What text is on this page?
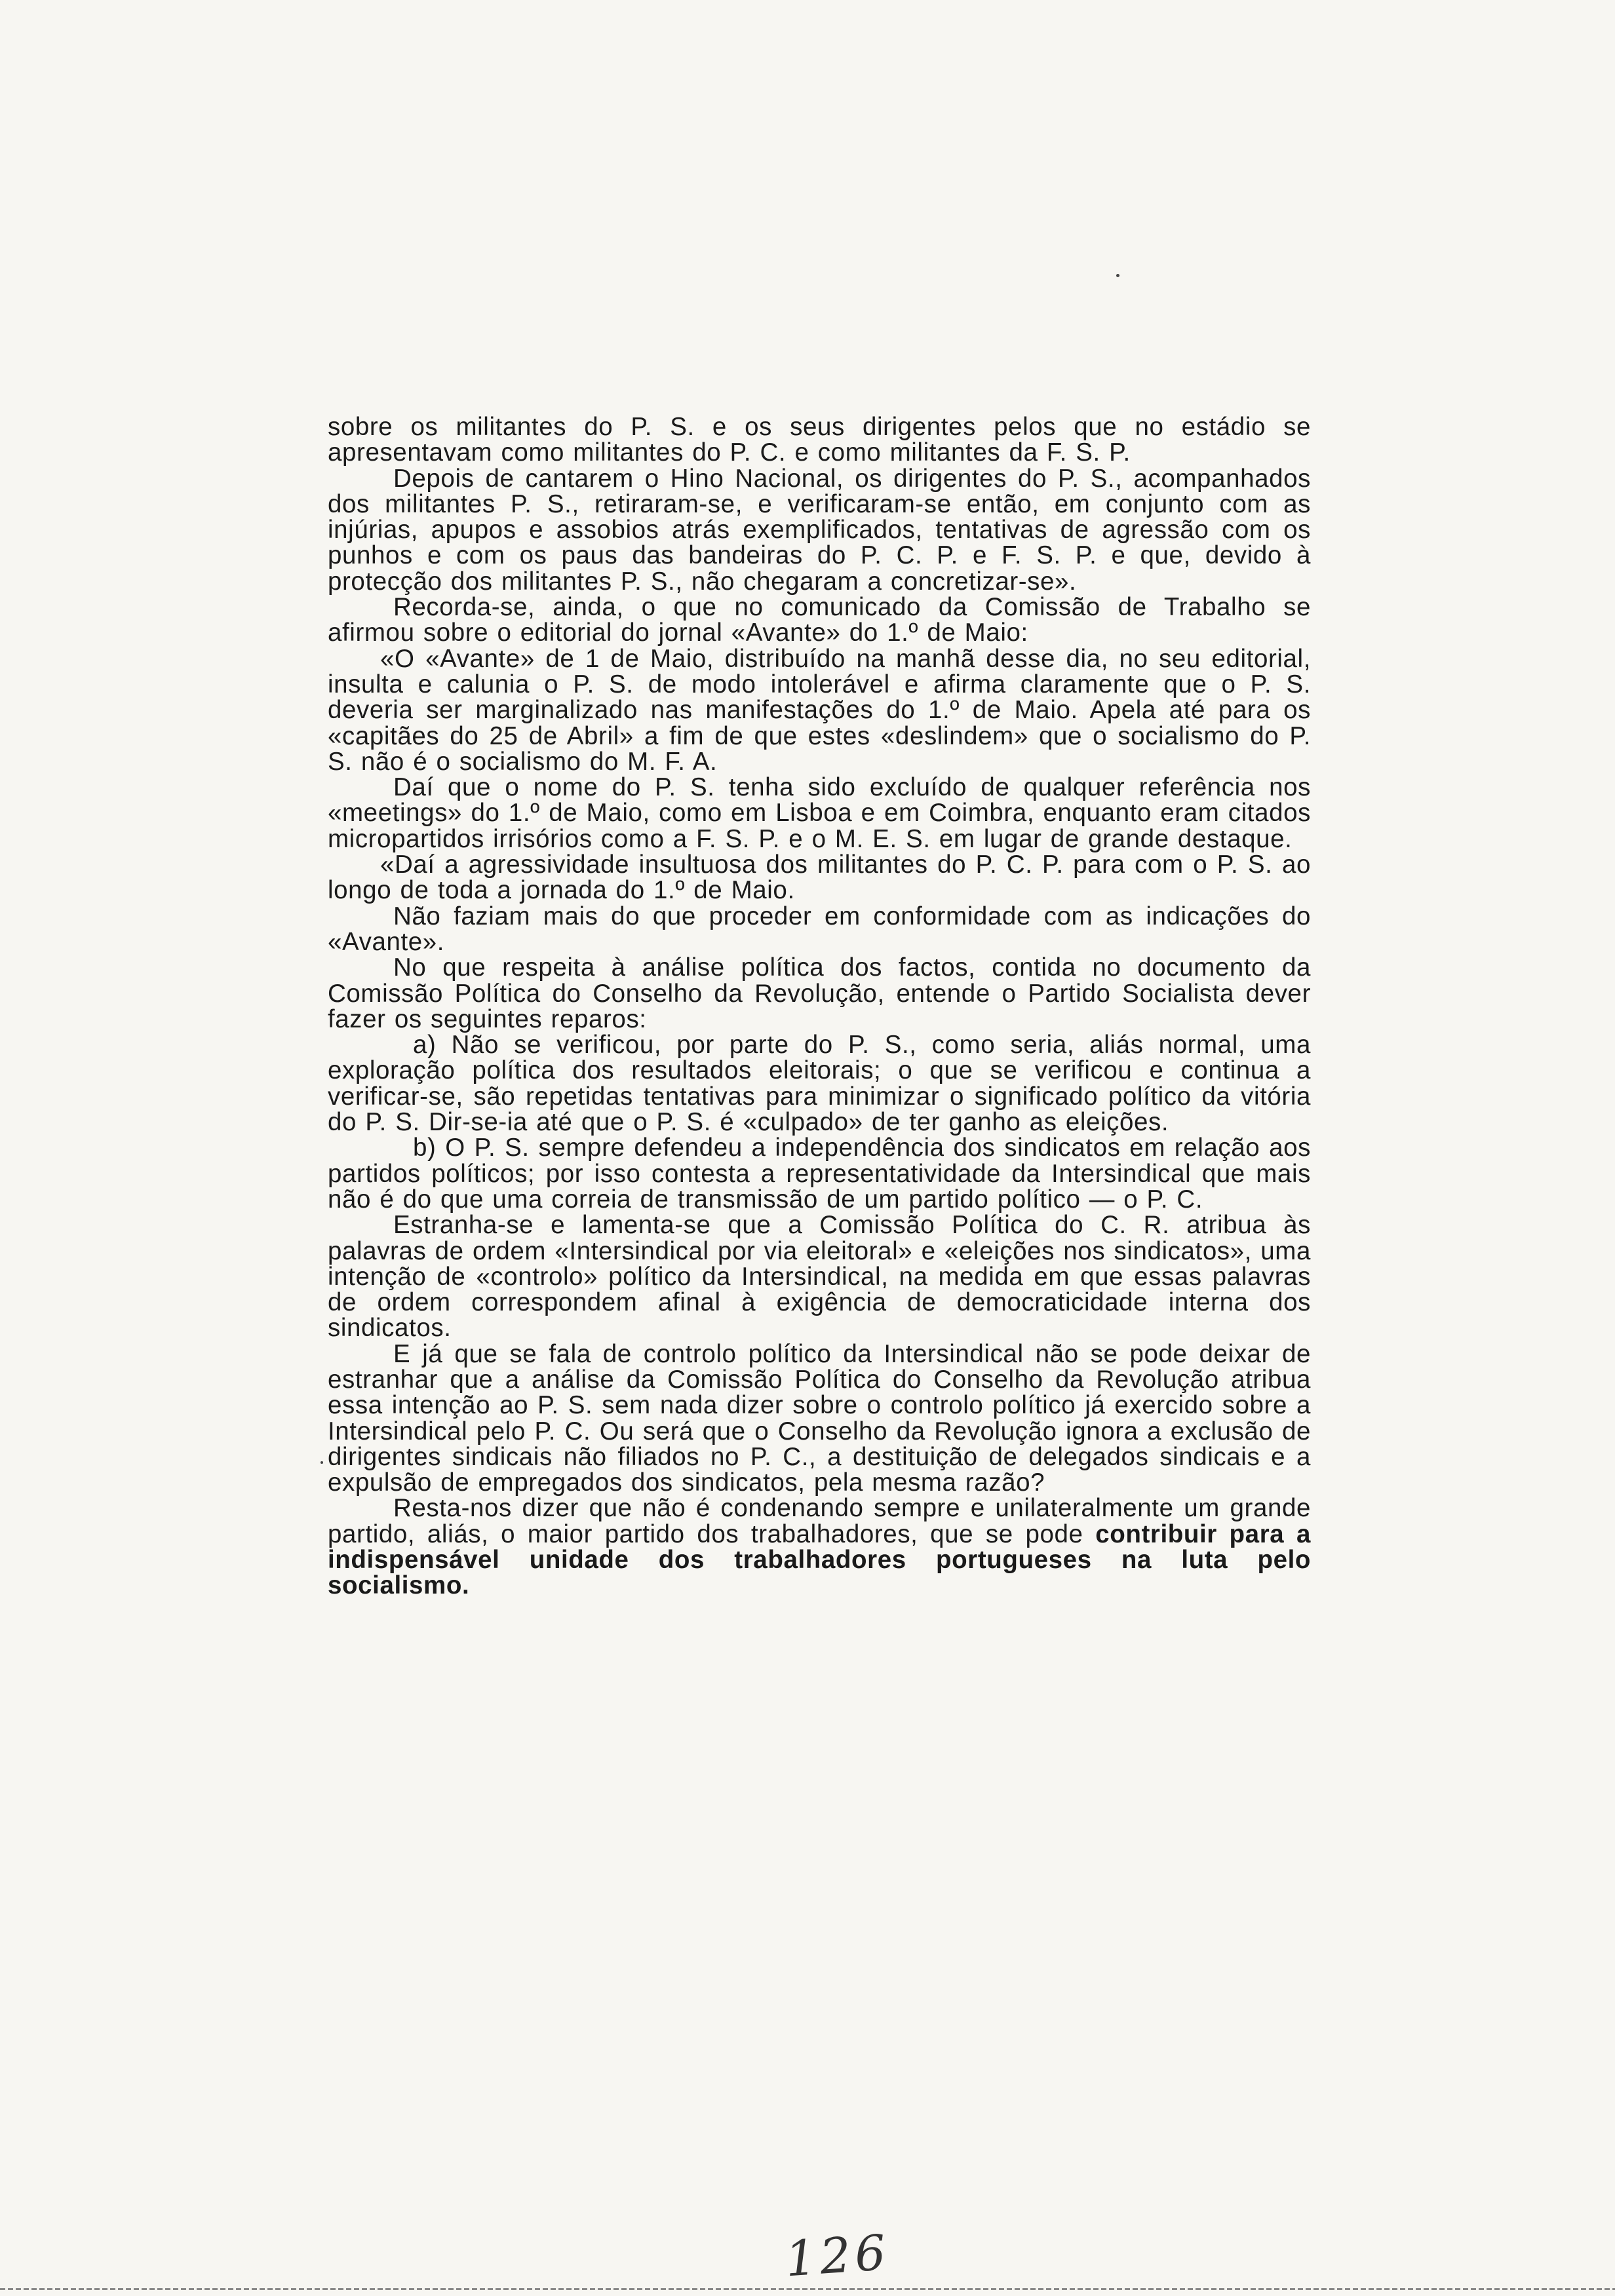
sobre os militantes do P. S. e os seus dirigentes pelos que no estádio se apresentavam como militantes do P. C. e como militantes da F. S. P.

Depois de cantarem o Hino Nacional, os dirigentes do P. S., acompanhados dos militantes P. S., retiraram-se, e verificaram-se então, em conjunto com as injúrias, apupos e assobios atrás exemplificados, tentativas de agressão com os punhos e com os paus das bandeiras do P. C. P. e F. S. P. e que, devido à protecção dos militantes P. S., não chegaram a concretizar-se».

Recorda-se, ainda, o que no comunicado da Comissão de Trabalho se afirmou sobre o editorial do jornal «Avante» do 1.º de Maio:

«O «Avante» de 1 de Maio, distribuído na manhã desse dia, no seu editorial, insulta e calunia o P. S. de modo intolerável e afirma claramente que o P. S. deveria ser marginalizado nas manifestações do 1.º de Maio. Apela até para os «capitães do 25 de Abril» a fim de que estes «deslindem» que o socialismo do P. S. não é o socialismo do M. F. A.

Daí que o nome do P. S. tenha sido excluído de qualquer referência nos «meetings» do 1.º de Maio, como em Lisboa e em Coimbra, enquanto eram citados micropartidos irrisórios como a F. S. P. e o M. E. S. em lugar de grande destaque.

«Daí a agressividade insultuosa dos militantes do P. C. P. para com o P. S. ao longo de toda a jornada do 1.º de Maio.

Não faziam mais do que proceder em conformidade com as indicações do «Avante».

No que respeita à análise política dos factos, contida no documento da Comissão Política do Conselho da Revolução, entende o Partido Socialista dever fazer os seguintes reparos:

a) Não se verificou, por parte do P. S., como seria, aliás normal, uma exploração política dos resultados eleitorais; o que se verificou e continua a verificar-se, são repetidas tentativas para minimizar o significado político da vitória do P. S. Dir-se-ia até que o P. S. é «culpado» de ter ganho as eleições.

b) O P. S. sempre defendeu a independência dos sindicatos em relação aos partidos políticos; por isso contesta a representatividade da Intersindical que mais não é do que uma correia de transmissão de um partido político — o P. C.

Estranha-se e lamenta-se que a Comissão Política do C. R. atribua às palavras de ordem «Intersindical por via eleitoral» e «eleições nos sindicatos», uma intenção de «controlo» político da Intersindical, na medida em que essas palavras de ordem correspondem afinal à exigência de democraticidade interna dos sindicatos.

E já que se fala de controlo político da Intersindical não se pode deixar de estranhar que a análise da Comissão Política do Conselho da Revolução atribua essa intenção ao P. S. sem nada dizer sobre o controlo político já exercido sobre a Intersindical pelo P. C. Ou será que o Conselho da Revolução ignora a exclusão de dirigentes sindicais não filiados no P. C., a destituição de delegados sindicais e a expulsão de empregados dos sindicatos, pela mesma razão?

Resta-nos dizer que não é condenando sempre e unilateralmente um grande partido, aliás, o maior partido dos trabalhadores, que se pode contribuir para a indispensável unidade dos trabalhadores portugueses na luta pelo socialismo.

126
